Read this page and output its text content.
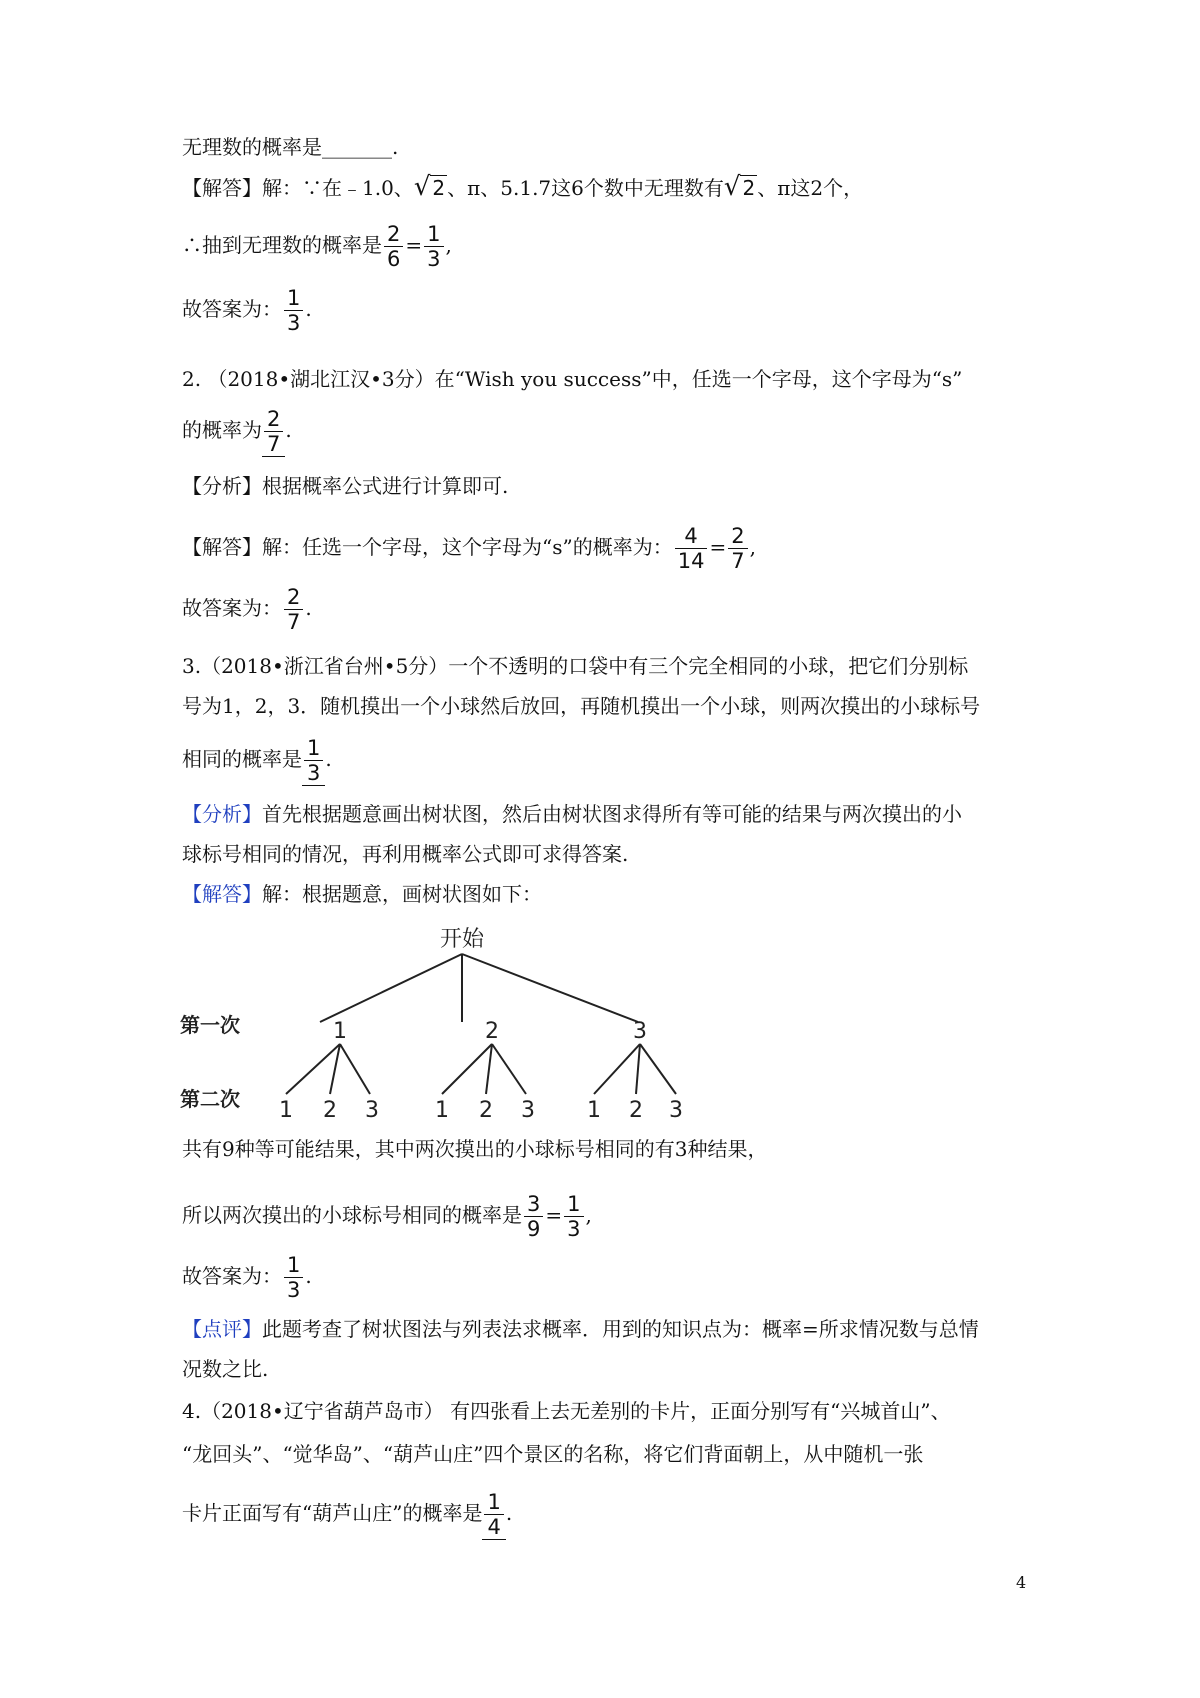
无理数的概率是_______.
【解答】解：∵在﹣1.0、√ 2 、π、5.1.7这6个数中无理数有√ 2 、π这2个，
∴抽到无理数的概率是 $\frac{2}{6} = \frac{1}{3}$ ,
故答案为： $\frac{1}{3}$ .
2. （2018•湖北江汉•3分）在“Wish you success”中，任选一个字母，这个字母为“s”
的概率为 $\frac{2}{7}$ .
【分析】根据概率公式进行计算即可.
【解答】解：任选一个字母，这个字母为“s”的概率为： $\frac{4}{14} = \frac{2}{7}$ ,
故答案为： $\frac{2}{7}$ .
3.（2018•浙江省台州•5分）一个不透明的口袋中有三个完全相同的小球，把它们分别标
号为1，2，3．随机摸出一个小球然后放回，再随机摸出一个小球，则两次摸出的小球标号
相同的概率是 $\frac{1}{3}$ .
【分析】首先根据题意画出树状图，然后由树状图求得所有等可能的结果与两次摸出的小
球标号相同的情况，再利用概率公式即可求得答案.
【解答】解：根据题意，画树状图如下：
开始
第一次
第二次
1	2	3
1 2 3	1 2 3 1 2 3
共有9种等可能结果，其中两次摸出的小球标号相同的有3种结果，
所以两次摸出的小球标号相同的概率是 $\frac{3}{9} = \frac{1}{3}$ ,
故答案为： $\frac{1}{3}$ .
【点评】此题考查了树状图法与列表法求概率．用到的知识点为：概率=所求情况数与总情
况数之比.
4.（2018•辽宁省葫芦岛市） 有四张看上去无差别的卡片，正面分别写有“兴城首山”、
“龙回头”、“觉华岛”、“葫芦山庄”四个景区的名称，将它们背面朝上，从中随机一张
卡片正面写有“葫芦山庄”的概率是 $\frac{1}{4}$ .
4
